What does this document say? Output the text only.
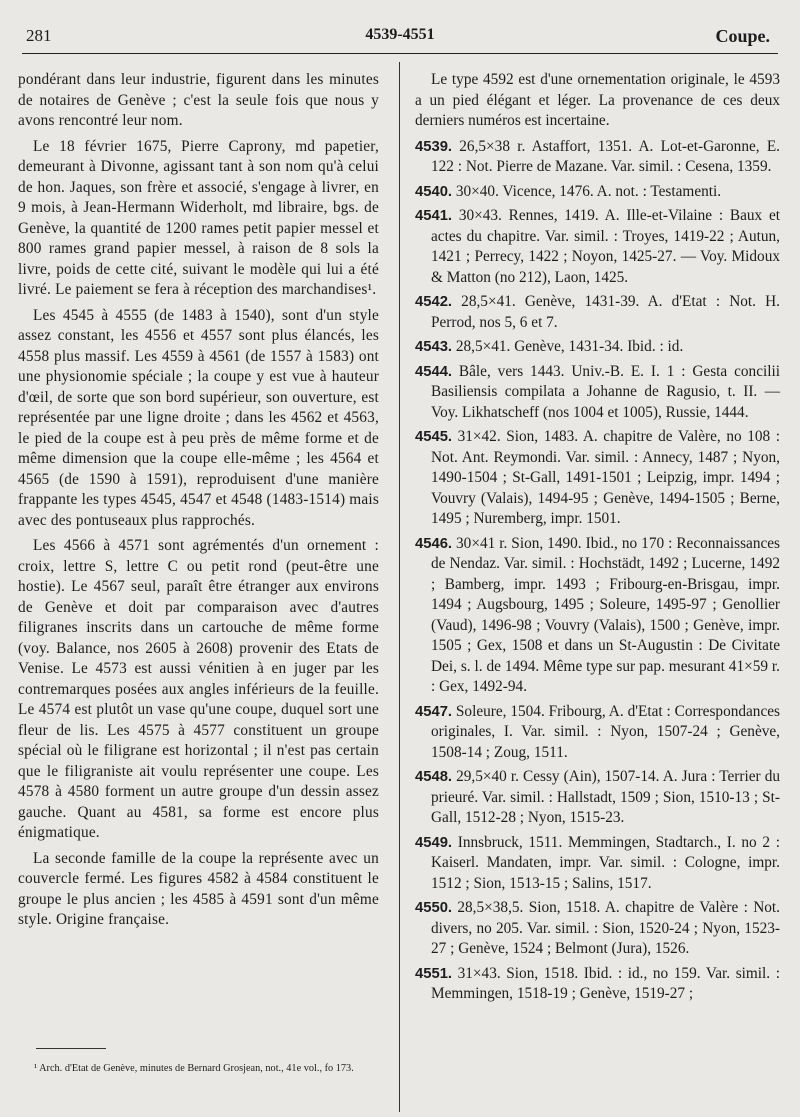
281	4539-4551	Coupe.

pondérant dans leur industrie, figurent dans les minutes de notaires de Genève ; c'est la seule fois que nous y avons rencontré leur nom.

Le 18 février 1675, Pierre Caprony, md papetier, demeurant à Divonne, agissant tant à son nom qu'à celui de hon. Jaques, son frère et associé, s'engage à livrer, en 9 mois, à Jean-Hermann Widerholt, md libraire, bgs. de Genève, la quantité de 1200 rames petit papier messel et 800 rames grand papier messel, à raison de 8 sols la livre, poids de cette cité, suivant le modèle qui lui a été livré. Le paiement se fera à réception des marchandises¹.

Les 4545 à 4555 (de 1483 à 1540), sont d'un style assez constant, les 4556 et 4557 sont plus élancés, les 4558 plus massif. Les 4559 à 4561 (de 1557 à 1583) ont une physionomie spéciale ; la coupe y est vue à hauteur d'œil, de sorte que son bord supérieur, son ouverture, est représentée par une ligne droite ; dans les 4562 et 4563, le pied de la coupe est à peu près de même forme et de même dimension que la coupe elle-même ; les 4564 et 4565 (de 1590 à 1591), reproduisent d'une manière frappante les types 4545, 4547 et 4548 (1483-1514) mais avec des pontuseaux plus rapprochés.

Les 4566 à 4571 sont agrémentés d'un ornement : croix, lettre S, lettre C ou petit rond (peut-être une hostie). Le 4567 seul, paraît être étranger aux environs de Genève et doit par comparaison avec d'autres filigranes inscrits dans un cartouche de même forme (voy. Balance, nos 2605 à 2608) provenir des Etats de Venise. Le 4573 est aussi vénitien à en juger par les contremarques posées aux angles inférieurs de la feuille. Le 4574 est plutôt un vase qu'une coupe, duquel sort une fleur de lis. Les 4575 à 4577 constituent un groupe spécial où le filigrane est horizontal ; il n'est pas certain que le filigraniste ait voulu représenter une coupe. Les 4578 à 4580 forment un autre groupe d'un dessin assez gauche. Quant au 4581, sa forme est encore plus énigmatique.

La seconde famille de la coupe la représente avec un couvercle fermé. Les figures 4582 à 4584 constituent le groupe le plus ancien ; les 4585 à 4591 sont d'un même style. Origine française.

¹ Arch. d'Etat de Genève, minutes de Bernard Grosjean, not., 41e vol., fo 173.

Le type 4592 est d'une ornementation originale, le 4593 a un pied élégant et léger. La provenance de ces deux derniers numéros est incertaine.

4539. 26,5×38 r. Astaffort, 1351. A. Lot-et-Garonne, E. 122 : Not. Pierre de Mazane. Var. simil. : Cesena, 1359.

4540. 30×40. Vicence, 1476. A. not. : Testamenti.

4541. 30×43. Rennes, 1419. A. Ille-et-Vilaine : Baux et actes du chapitre. Var. simil. : Troyes, 1419-22 ; Autun, 1421 ; Perrecy, 1422 ; Noyon, 1425-27. — Voy. Midoux & Matton (no 212), Laon, 1425.

4542. 28,5×41. Genève, 1431-39. A. d'Etat : Not. H. Perrod, nos 5, 6 et 7.

4543. 28,5×41. Genève, 1431-34. Ibid. : id.

4544. Bâle, vers 1443. Univ.-B. E. I. 1 : Gesta concilii Basiliensis compilata a Johanne de Ragusio, t. II. — Voy. Likhatscheff (nos 1004 et 1005), Russie, 1444.

4545. 31×42. Sion, 1483. A. chapitre de Valère, no 108 : Not. Ant. Reymondi. Var. simil. : Annecy, 1487 ; Nyon, 1490-1504 ; St-Gall, 1491-1501 ; Leipzig, impr. 1494 ; Vouvry (Valais), 1494-95 ; Genève, 1494-1505 ; Berne, 1495 ; Nuremberg, impr. 1501.

4546. 30×41 r. Sion, 1490. Ibid., no 170 : Reconnaissances de Nendaz. Var. simil. : Hochstädt, 1492 ; Lucerne, 1492 ; Bamberg, impr. 1493 ; Fribourg-en-Brisgau, impr. 1494 ; Augsbourg, 1495 ; Soleure, 1495-97 ; Genollier (Vaud), 1496-98 ; Vouvry (Valais), 1500 ; Genève, impr. 1505 ; Gex, 1508 et dans un St-Augustin : De Civitate Dei, s. l. de 1494. Même type sur pap. mesurant 41×59 r. : Gex, 1492-94.

4547. Soleure, 1504. Fribourg, A. d'Etat : Correspondances originales, I. Var. simil. : Nyon, 1507-24 ; Genève, 1508-14 ; Zoug, 1511.

4548. 29,5×40 r. Cessy (Ain), 1507-14. A. Jura : Terrier du prieuré. Var. simil. : Hallstadt, 1509 ; Sion, 1510-13 ; St-Gall, 1512-28 ; Nyon, 1515-23.

4549. Innsbruck, 1511. Memmingen, Stadtarch., I. no 2 : Kaiserl. Mandaten, impr. Var. simil. : Cologne, impr. 1512 ; Sion, 1513-15 ; Salins, 1517.

4550. 28,5×38,5. Sion, 1518. A. chapitre de Valère : Not. divers, no 205. Var. simil. : Sion, 1520-24 ; Nyon, 1523-27 ; Genève, 1524 ; Belmont (Jura), 1526.

4551. 31×43. Sion, 1518. Ibid. : id., no 159. Var. simil. : Memmingen, 1518-19 ; Genève, 1519-27 ;
